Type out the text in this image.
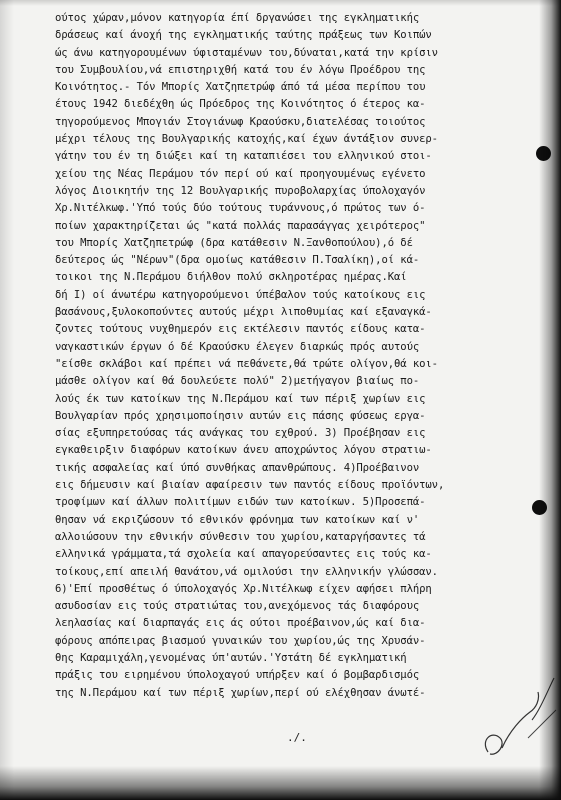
ούτος χώραν,μόνον κατηγορία έπί δργανώσει της εγκληματικής
δράσεως καί άνοχή της εγκληματικής ταύτης πράξεως των Κοιπών
ώς άνω κατηγορουμένων ύφισταμένων του,δύναται,κατά την κρίσιν
του Συμβουλίου,νά επιστηριχθή κατά του έν λόγω Προέδρου της
Κοινότητος.- Τόν Μπορίς Χατζηπετρώφ άπό τά μέσα περίπου του
έτους 1942 διεδέχθη ώς Πρόεδρος της Κοινότητος ό έτερος κα-
τηγορούμενος Μπογιάν Στογιάνωφ Κραούσκυ,διατελέσας τοιούτος
μέχρι τέλους της Βουλγαρικής κατοχής,καί έχων άντάξιον συνερ-
γάτην του έν τη διώξει καί τη καταπιέσει του ελληνικού στοι-
χείου της Νέας Περάμου τόν περί ού καί προηγουμένως εγένετο
λόγος Διοικητήν της 12 Βουλγαρικής πυροβολαρχίας ύπολοχαγόν
Χρ.Νιτέλκωφ.'Υπό τούς δύο τούτους τυράννους,ό πρώτος των ό-
ποίων χαρακτηρίζεται ώς "κατά πολλάς παρασάγγας χειρότερος"
του Μπορίς Χατζηπετρώφ (δρα κατάθεσιν Ν.Ξανθοπούλου),ό δέ
δεύτερος ώς "Νέρων"(δρα ομοίως κατάθεσιν Π.Τσαλίκη),οί κά-
τοικοι της Ν.Περάμου διήλθον πολύ σκληροτέρας ημέρας.Καί
δή I) οί άνωτέρω κατηγορούμενοι ύπέβαλον τούς κατοίκους εις
βασάνους,ξυλοκοπούντες αυτούς μέχρι λιποθυμίας καί εξαναγκά-
ζοντες τούτους νυχθημερόν εις εκτέλεσιν παντός είδους κατα-
ναγκαστικών έργων ό δέ Κραούσκυ έλεγεν διαρκώς πρός αυτούς
"είσθε σκλάβοι καί πρέπει νά πεθάνετε,θά τρώτε ολίγον,θά κοι-
μάσθε ολίγον καί θά δουλεύετε πολύ" 2)μετήγαγον βιαίως πο-
λούς έκ των κατοίκων της Ν.Περάμου καί των πέριξ χωρίων εις
Βουλγαρίαν πρός χρησιμοποίησιν αυτών εις πάσης φύσεως εργα-
σίας εξυπηρετούσας τάς ανάγκας του εχθρού. 3) Προέβησαν εις
εγκαθειρξιν διαφόρων κατοίκων άνευ αποχρώντος λόγου στρατιω-
τικής ασφαλείας καί ύπό συνθήκας απανθρώπους. 4)Προέβαινον
εις δήμευσιν καί βιαίαν αφαίρεσιν των παντός είδους προϊόντων,
τροφίμων καί άλλων πολιτίμων ειδών των κατοίκων. 5)Προσεπά-
θησαν νά εκριζώσουν τό εθνικόν φρόνημα των κατοίκων καί ν'
αλλοιώσουν την εθνικήν σύνθεσιν του χωρίου,καταργήσαντες τά
ελληνικά γράμματα,τά σχολεία καί απαγορεύσαντες εις τούς κα-
τοίκους,επί απειλή θανάτου,νά ομιλούσι την ελληνικήν γλώσσαν.
6)'Επί προσθέτως ό ύπολοχαγός Χρ.Νιτέλκωφ είχεν αφήσει πλήρη
ασυδοσίαν εις τούς στρατιώτας του,ανεχόμενος τάς διαφόρους
λεηλασίας καί διαρπαγάς εις άς ούτοι προέβαινον,ώς καί δια-
φόρους απόπειρας βιασμού γυναικών του χωρίου,ώς της Χρυσάν-
θης Καραμιχάλη,γενομένας ύπ'αυτών.'Υστάτη δέ εγκληματική
πράξις του ειρημένου ύπολοχαγού υπήρξεν καί ό βομβαρδισμός
της Ν.Περάμου καί των πέριξ χωρίων,περί ού ελέχθησαν άνωτέ-
./.
